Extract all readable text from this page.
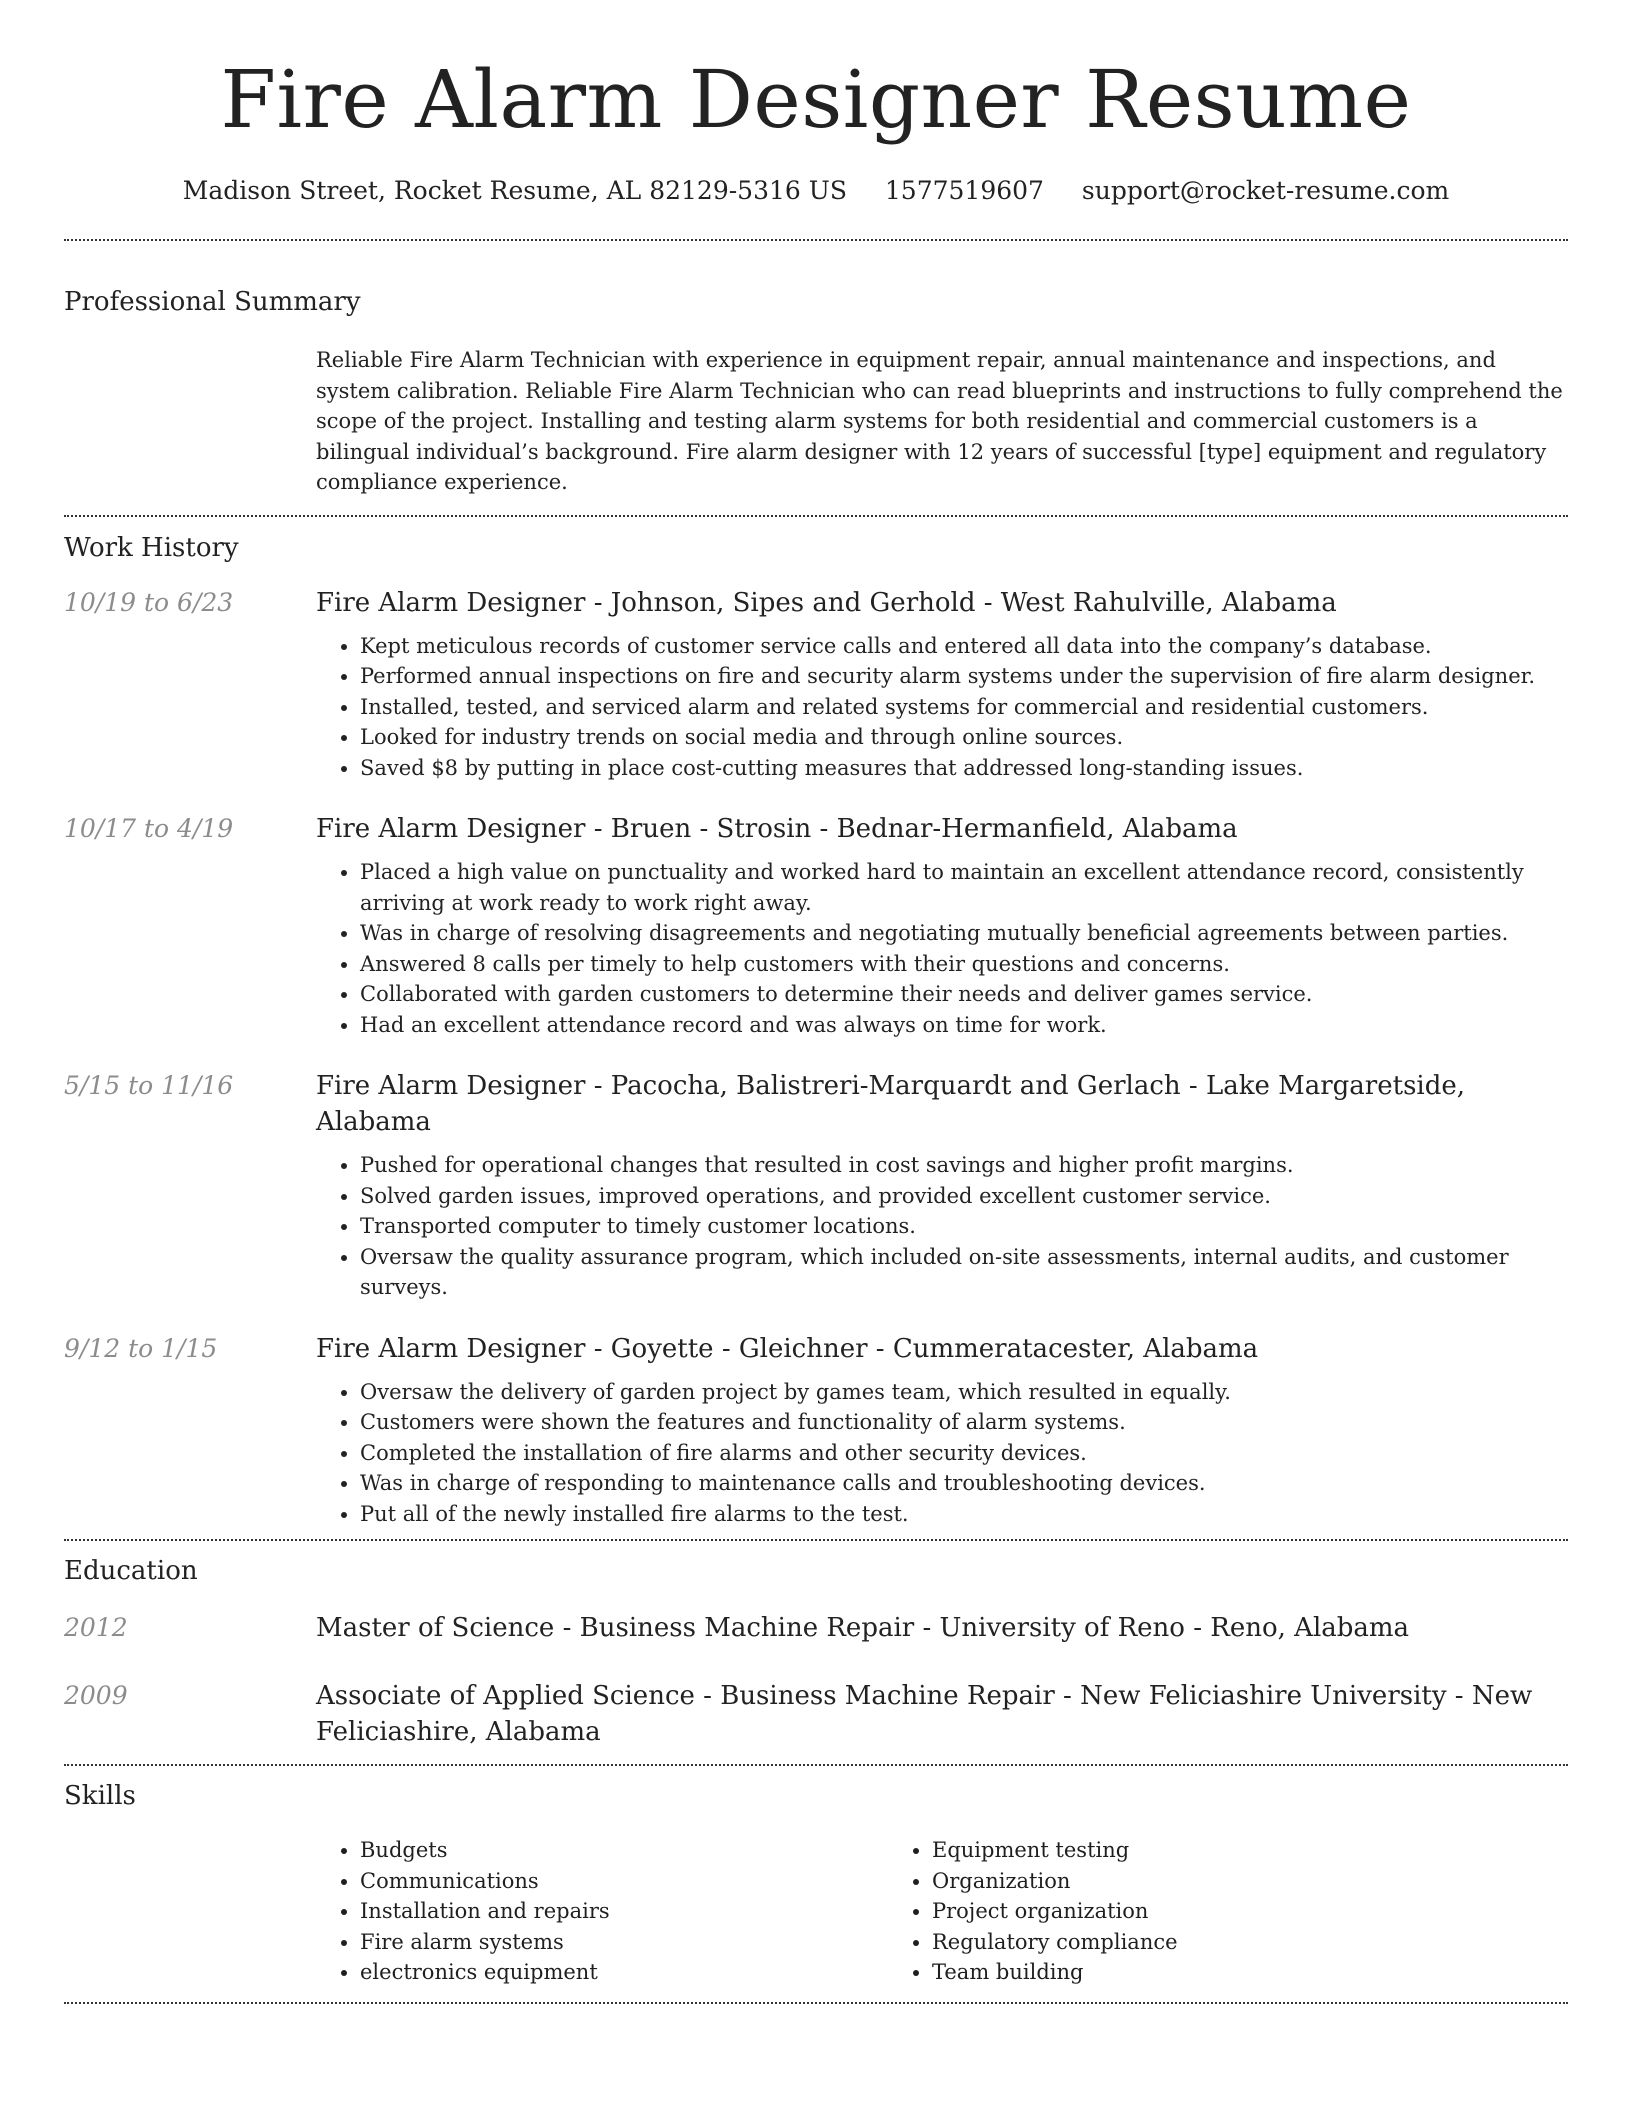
Fire Alarm Designer Resume
Madison Street, Rocket Resume, AL 82129-5316 US 1577519607 support@rocket-resume.com
Professional Summary
Reliable Fire Alarm Technician with experience in equipment repair, annual maintenance and inspections, and system calibration. Reliable Fire Alarm Technician who can read blueprints and instructions to fully comprehend the scope of the project. Installing and testing alarm systems for both residential and commercial customers is a bilingual individual’s background. Fire alarm designer with 12 years of successful [type] equipment and regulatory compliance experience.
Work History
10/19 to 6/23	Fire Alarm Designer - Johnson, Sipes and Gerhold - West Rahulville, Alabama
• Kept meticulous records of customer service calls and entered all data into the company’s database.
• Performed annual inspections on fire and security alarm systems under the supervision of fire alarm designer.
• Installed, tested, and serviced alarm and related systems for commercial and residential customers.
• Looked for industry trends on social media and through online sources.
• Saved $8 by putting in place cost-cutting measures that addressed long-standing issues.
10/17 to 4/19	Fire Alarm Designer - Bruen - Strosin - Bednar-Hermanfield, Alabama
• Placed a high value on punctuality and worked hard to maintain an excellent attendance record, consistently arriving at work ready to work right away.
• Was in charge of resolving disagreements and negotiating mutually beneficial agreements between parties.
• Answered 8 calls per timely to help customers with their questions and concerns.
• Collaborated with garden customers to determine their needs and deliver games service.
• Had an excellent attendance record and was always on time for work.
5/15 to 11/16	Fire Alarm Designer - Pacocha, Balistreri-Marquardt and Gerlach - Lake Margaretside, Alabama
• Pushed for operational changes that resulted in cost savings and higher profit margins.
• Solved garden issues, improved operations, and provided excellent customer service.
• Transported computer to timely customer locations.
• Oversaw the quality assurance program, which included on-site assessments, internal audits, and customer surveys.
9/12 to 1/15	Fire Alarm Designer - Goyette - Gleichner - Cummeratacester, Alabama
• Oversaw the delivery of garden project by games team, which resulted in equally.
• Customers were shown the features and functionality of alarm systems.
• Completed the installation of fire alarms and other security devices.
• Was in charge of responding to maintenance calls and troubleshooting devices.
• Put all of the newly installed fire alarms to the test.
Education
2012	Master of Science - Business Machine Repair - University of Reno - Reno, Alabama
2009	Associate of Applied Science - Business Machine Repair - New Feliciashire University - New Feliciashire, Alabama
Skills
• Budgets
• Communications
• Installation and repairs
• Fire alarm systems
• electronics equipment
• Equipment testing
• Organization
• Project organization
• Regulatory compliance
• Team building
